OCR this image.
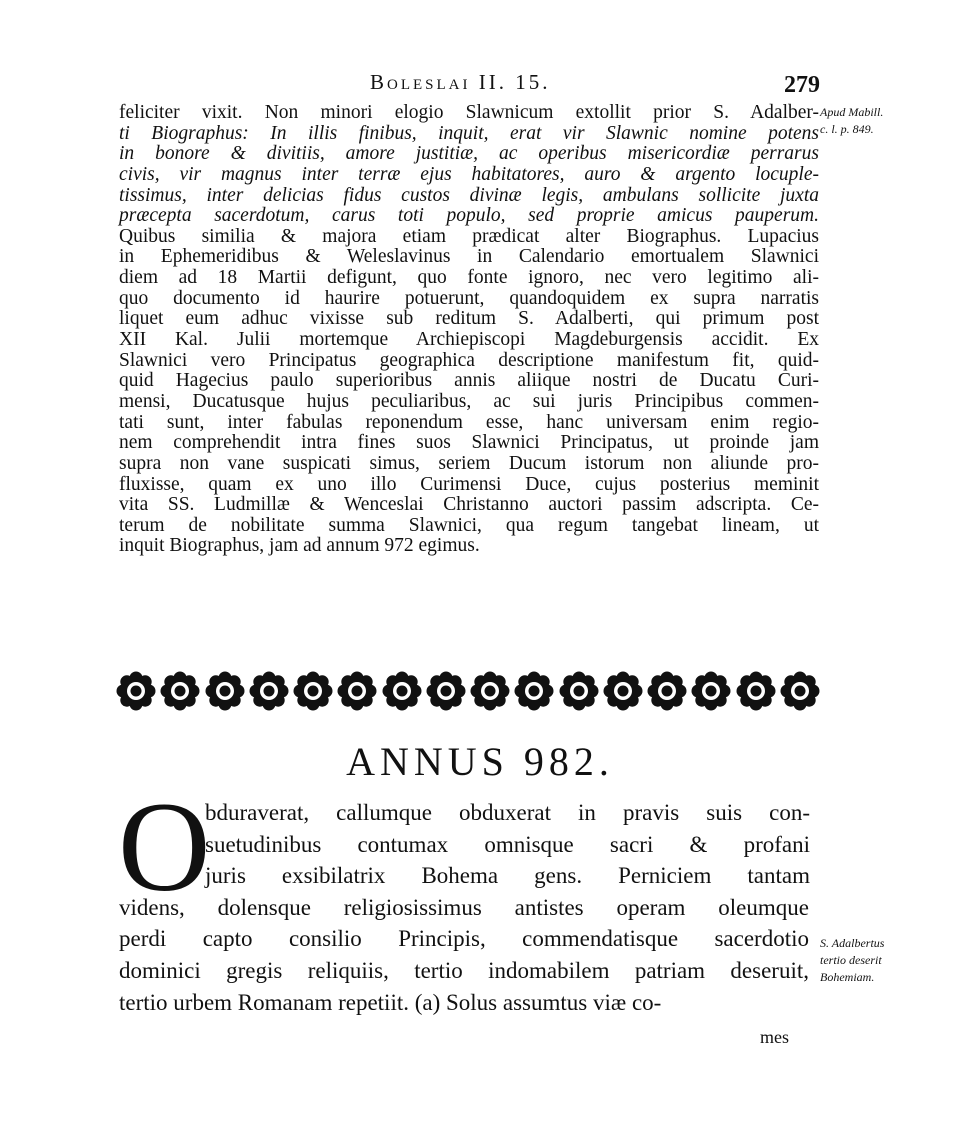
Boleslai II. 15.	279
feliciter vixit. Non minori elogio Slawnicum extollit prior S. Adalber-
ti Biographus: In illis finibus, inquit, erat vir Slawnic nomine potens
in bonore & divitiis, amore justitiæ, ac operibus misericordiæ perrarus
civis, vir magnus inter terræ ejus habitatores, auro & argento locuple-
tissimus, inter delicias fidus custos divinæ legis, ambulans sollicite juxta
præcepta sacerdotum, carus toti populo, sed proprie amicus pauperum.
Quibus similia & majora etiam prædicat alter Biographus. Lupacius
in Ephemeridibus & Weleslavinus in Calendario emortualem Slawnici
diem ad 18 Martii defigunt, quo fonte ignoro, nec vero legitimo ali-
quo documento id haurire potuerunt, quandoquidem ex supra narratis
liquet eum adhuc vixisse sub reditum S. Adalberti, qui primum post
XII Kal. Julii mortemque Archiepiscopi Magdeburgensis accidit. Ex
Slawnici vero Principatus geographica descriptione manifestum fit, quid-
quid Hagecius paulo superioribus annis aliique nostri de Ducatu Curi-
mensi, Ducatusque hujus peculiaribus, ac sui juris Principibus commen-
tati sunt, inter fabulas reponendum esse, hanc universam enim regio-
nem comprehendit intra fines suos Slawnici Principatus, ut proinde jam
supra non vane suspicati simus, seriem Ducum istorum non aliunde pro-
fluxisse, quam ex uno illo Curimensi Duce, cujus posterius meminit
vita SS. Ludmillæ & Wenceslai Christanno auctori passim adscripta. Ce-
terum de nobilitate summa Slawnici, qua regum tangebat lineam, ut
inquit Biographus, jam ad annum 972 egimus.
Apud Mabill.
c. l. p. 849.
ANNUS 982.
O
bduraverat, callumque obduxerat in pravis suis con-
suetudinibus contumax omnisque sacri & profani
juris exsibilatrix Bohema gens. Perniciem tantam
videns, dolensque religiosissimus antistes operam oleumque
perdi capto consilio Principis, commendatisque sacerdotio
dominici gregis reliquiis, tertio indomabilem patriam deseruit,
tertio urbem Romanam repetiit. (a) Solus assumtus viæ co-
S. Adalbertus
tertio deserit
Bohemiam.
mes
